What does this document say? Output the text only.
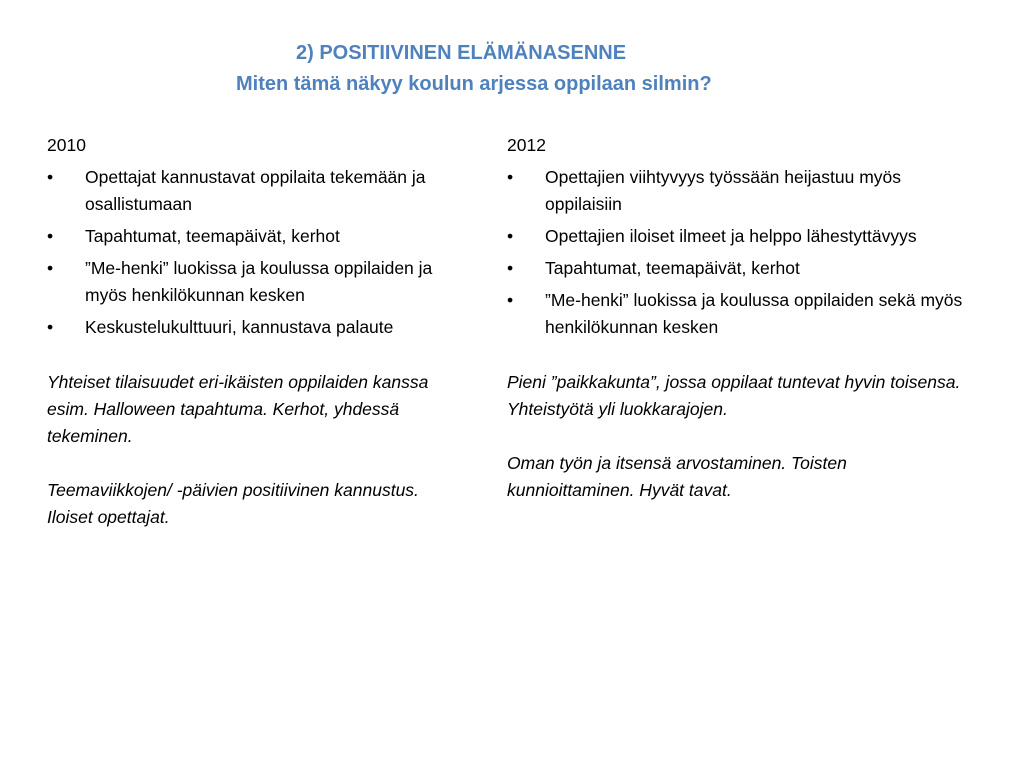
2) POSITIIVINEN ELÄMÄNASENNE
Miten tämä näkyy koulun arjessa oppilaan silmin?
2010
• Opettajat kannustavat oppilaita tekemään ja osallistumaan
• Tapahtumat, teemapäivät, kerhot
• ”Me-henki” luokissa ja koulussa oppilaiden ja myös henkilökunnan kesken
• Keskustelukulttuuri, kannustava palaute

Yhteiset tilaisuudet eri-ikäisten oppilaiden kanssa esim. Halloween tapahtuma. Kerhot, yhdessä tekeminen.

Teemaviikkojen/ -päivien positiivinen kannustus. Iloiset opettajat.

2012
• Opettajien viihtyvyys työssään heijastuu myös oppilaisiin
• Opettajien iloiset ilmeet ja helppo lähestyttävyys
• Tapahtumat, teemapäivät, kerhot
• ”Me-henki” luokissa ja koulussa oppilaiden sekä myös henkilökunnan kesken

Pieni ”paikkakunta”, jossa oppilaat tuntevat hyvin toisensa. Yhteistyötä yli luokkarajojen.

Oman työn ja itsensä arvostaminen. Toisten kunnioittaminen. Hyvät tavat.
